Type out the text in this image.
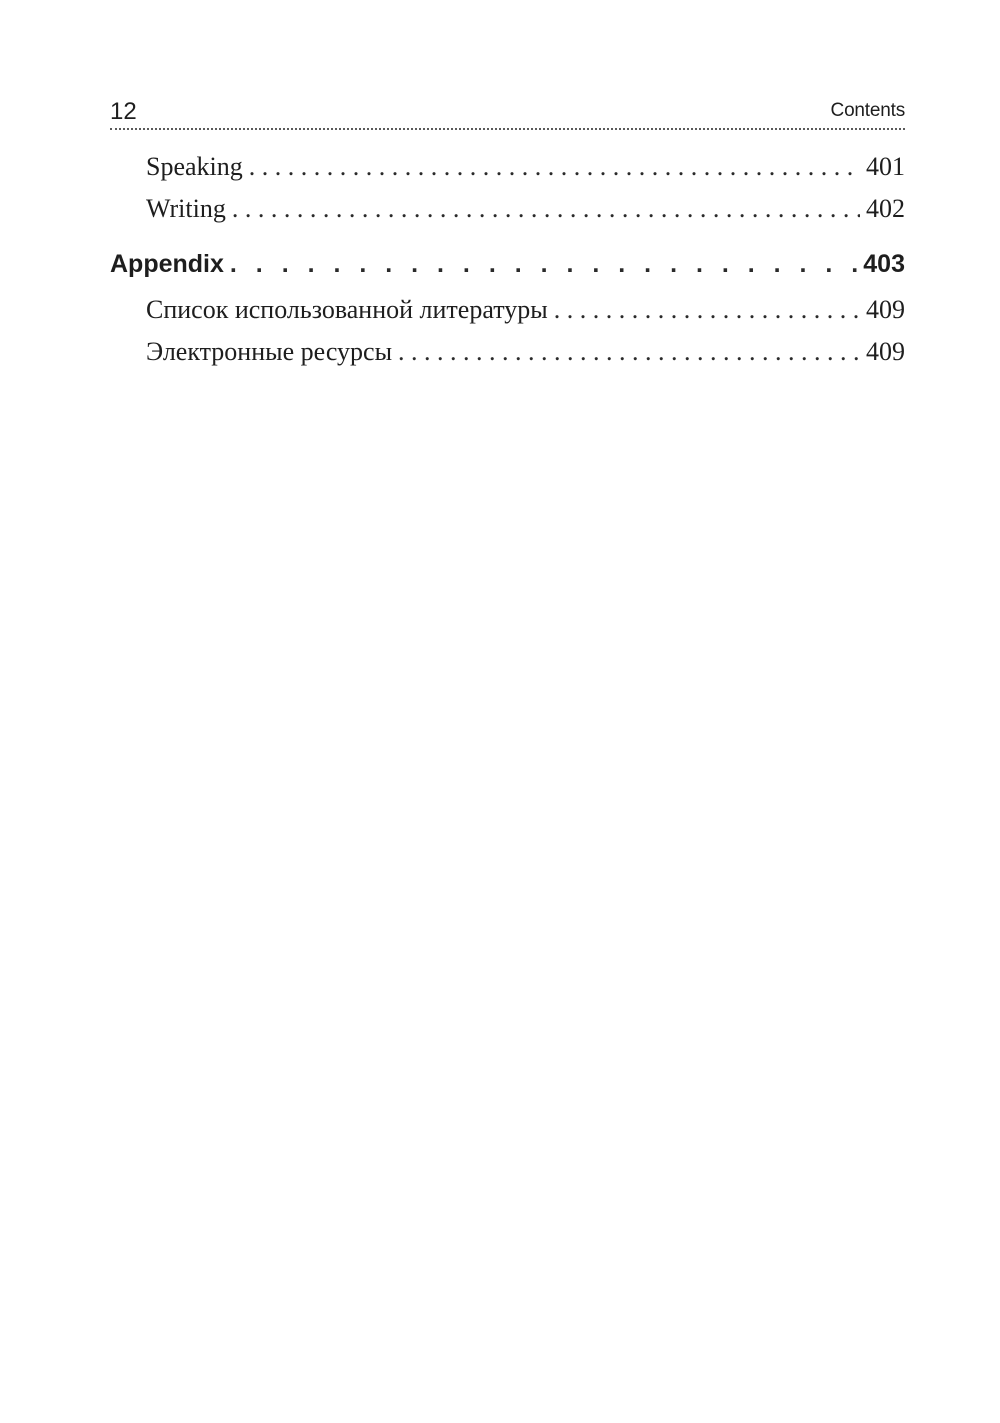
12	Contents
Speaking . . .	401
Writing . . .	402
Appendix . . .	403
Список использованной литературы . . .	409
Электронные ресурсы . . .	409
